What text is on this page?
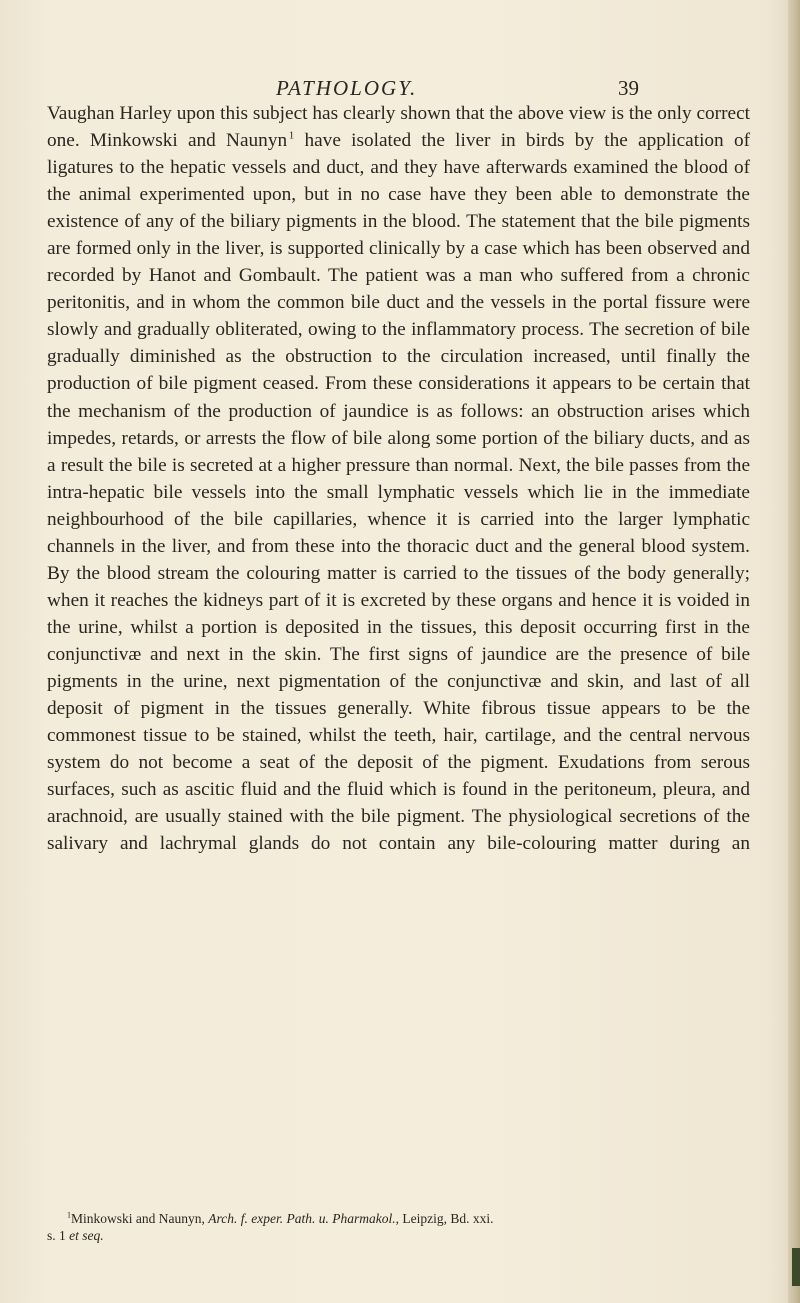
PATHOLOGY.	39

Vaughan Harley upon this subject has clearly shown that the above view is the only correct one. Minkowski and Naunyn  $^1$ have isolated the liver in birds by the application of ligatures to the hepatic vessels and duct, and they have afterwards examined the blood of the animal experimented upon, but in no case have they been able to demonstrate the existence of any of the biliary pigments in the blood. The statement that the bile pigments are formed only in the liver, is supported clinically by a case which has been observed and recorded by Hanot and Gombault. The patient was a man who suffered from a chronic peritonitis, and in whom the common bile duct and the vessels in the portal fissure were slowly and gradually obliterated, owing to the inflammatory process. The secretion of bile gradually diminished as the obstruction to the circulation increased, until finally the production of bile pigment ceased. From these considerations it appears to be certain that the mechanism of the production of jaundice is as follows: an obstruction arises which impedes, retards, or arrests the flow of bile along some portion of the biliary ducts, and as a result the bile is secreted at a higher pressure than normal. Next, the bile passes from the intra-hepatic bile vessels into the small lymphatic vessels which lie in the immediate neighbourhood of the bile capillaries, whence it is carried into the larger lymphatic channels in the liver, and from these into the thoracic duct and the general blood system. By the blood stream the colouring matter is carried to the tissues of the body generally; when it reaches the kidneys part of it is excreted by these organs and hence it is voided in the urine, whilst a portion is deposited in the tissues, this deposit occurring first in the conjunctivæ and next in the skin. The first signs of jaundice are the presence of bile pigments in the urine, next pigmentation of the conjunctivæ and skin, and last of all deposit of pigment in the tissues generally. White fibrous tissue appears to be the commonest tissue to be stained, whilst the teeth, hair, cartilage, and the central nervous system do not become a seat of the deposit of the pigment. Exudations from serous surfaces, such as ascitic fluid and the fluid which is found in the peritoneum, pleura, and arachnoid, are usually stained with the bile pigment. The physiological secretions of the salivary and lachrymal glands do not contain any bile-colouring matter during an

$^1$Minkowski and Naunyn, Arch. f. exper. Path. u. Pharmakol., Leipzig, Bd. xxi.
s. 1 et seq.
